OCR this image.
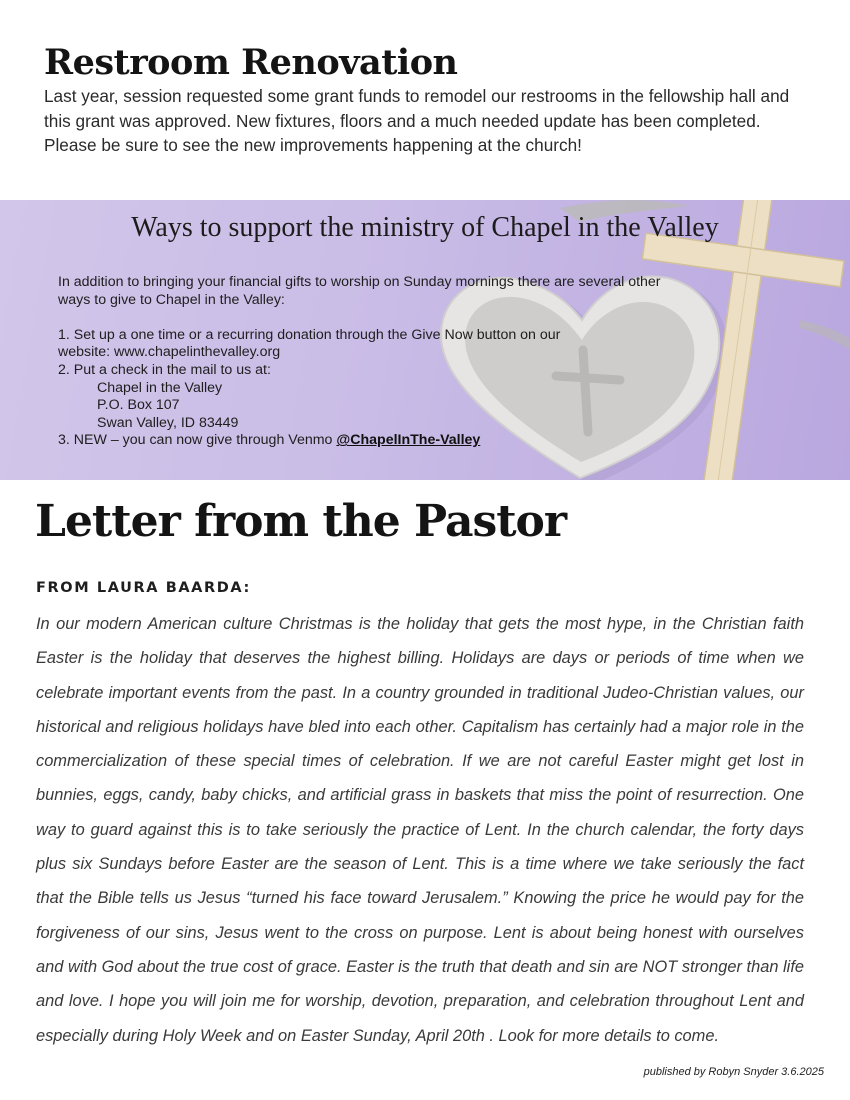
Restroom Renovation

Last year, session requested some grant funds to remodel our restrooms in the fellowship hall and this grant was approved. New fixtures, floors and a much needed update has been completed. Please be sure to see the new improvements happening at the church!

Ways to support the ministry of Chapel in the Valley
In addition to bringing your financial gifts to worship on Sunday mornings there are several other
ways to give to Chapel in the Valley:
1. Set up a one time or a recurring donation through the Give Now button on our
website: www.chapelinthevalley.org
2. Put a check in the mail to us at:
Chapel in the Valley
P.O. Box 107
Swan Valley, ID 83449
3. NEW – you can now give through Venmo @ChapelInThe-Valley
Letter from the Pastor
FROM LAURA BAARDA:

In our modern American culture Christmas is the holiday that gets the most hype, in the Christian faith Easter is the holiday that deserves the highest billing. Holidays are days or periods of time when we celebrate important events from the past. In a country grounded in traditional Judeo-Christian values, our historical and religious holidays have bled into each other. Capitalism has certainly had a major role in the commercialization of these special times of celebration. If we are not careful Easter might get lost in bunnies, eggs, candy, baby chicks, and artificial grass in baskets that miss the point of resurrection. One way to guard against this is to take seriously the practice of Lent. In the church calendar, the forty days plus six Sundays before Easter are the season of Lent. This is a time where we take seriously the fact that the Bible tells us Jesus “turned his face toward Jerusalem.” Knowing the price he would pay for the forgiveness of our sins, Jesus went to the cross on purpose. Lent is about being honest with ourselves and with God about the true cost of grace. Easter is the truth that death and sin are NOT stronger than life and love. I hope you will join me for worship, devotion, preparation, and celebration throughout Lent and especially during Holy Week and on Easter Sunday, April 20th . Look for more details to come.

published by Robyn Snyder 3.6.2025
